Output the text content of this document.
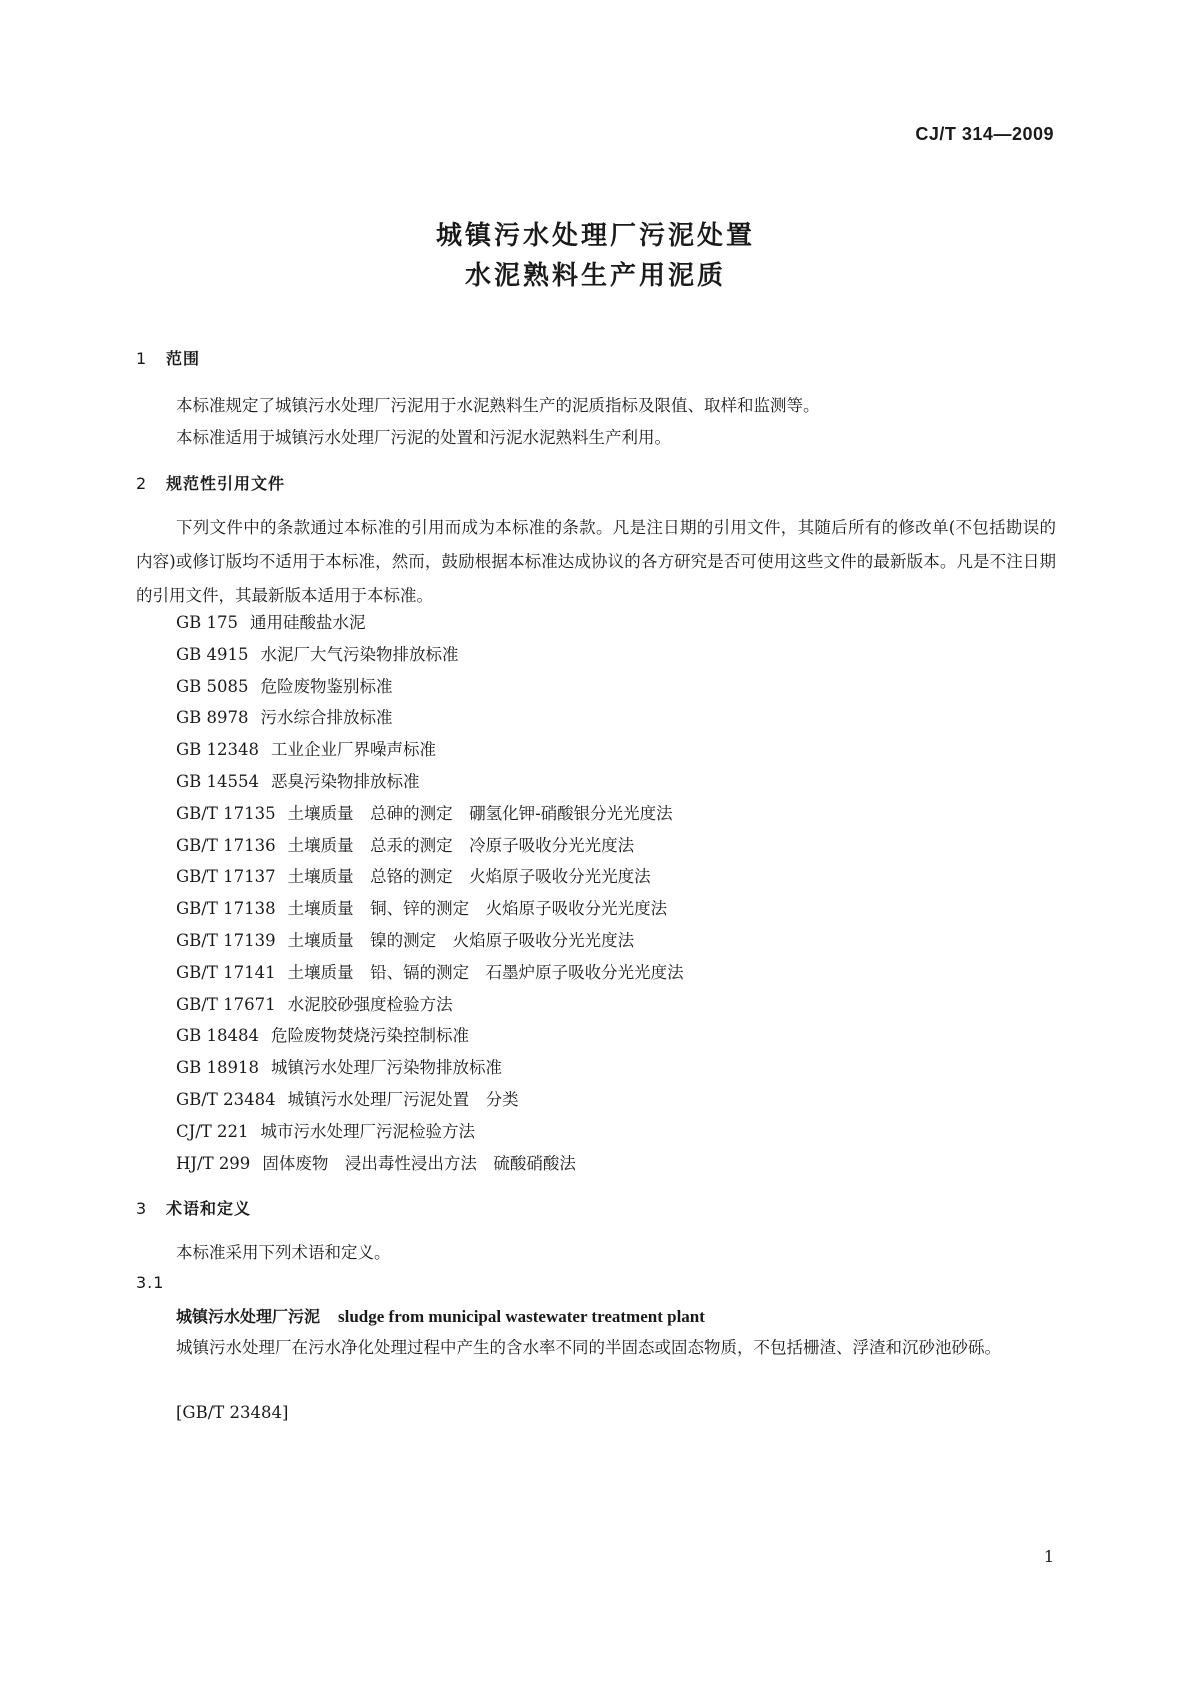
CJ/T 314—2009
城镇污水处理厂污泥处置
水泥熟料生产用泥质
1 范围
本标准规定了城镇污水处理厂污泥用于水泥熟料生产的泥质指标及限值、取样和监测等。
本标准适用于城镇污水处理厂污泥的处置和污泥水泥熟料生产利用。
2 规范性引用文件
下列文件中的条款通过本标准的引用而成为本标准的条款。凡是注日期的引用文件，其随后所有的修改单(不包括勘误的内容)或修订版均不适用于本标准，然而，鼓励根据本标准达成协议的各方研究是否可使用这些文件的最新版本。凡是不注日期的引用文件，其最新版本适用于本标准。
GB 175 通用硅酸盐水泥
GB 4915 水泥厂大气污染物排放标准
GB 5085 危险废物鉴别标准
GB 8978 污水综合排放标准
GB 12348 工业企业厂界噪声标准
GB 14554 恶臭污染物排放标准
GB/T 17135 土壤质量　总砷的测定　硼氢化钾-硝酸银分光光度法
GB/T 17136 土壤质量　总汞的测定　冷原子吸收分光光度法
GB/T 17137 土壤质量　总铬的测定　火焰原子吸收分光光度法
GB/T 17138 土壤质量　铜、锌的测定　火焰原子吸收分光光度法
GB/T 17139 土壤质量　镍的测定　火焰原子吸收分光光度法
GB/T 17141 土壤质量　铅、镉的测定　石墨炉原子吸收分光光度法
GB/T 17671 水泥胶砂强度检验方法
GB 18484 危险废物焚烧污染控制标准
GB 18918 城镇污水处理厂污染物排放标准
GB/T 23484 城镇污水处理厂污泥处置　分类
CJ/T 221 城市污水处理厂污泥检验方法
HJ/T 299 固体废物　浸出毒性浸出方法　硫酸硝酸法
3 术语和定义
本标准采用下列术语和定义。
3.1
城镇污水处理厂污泥 sludge from municipal wastewater treatment plant
城镇污水处理厂在污水净化处理过程中产生的含水率不同的半固态或固态物质，不包括栅渣、浮渣和沉砂池砂砾。
[GB/T 23484]
1
